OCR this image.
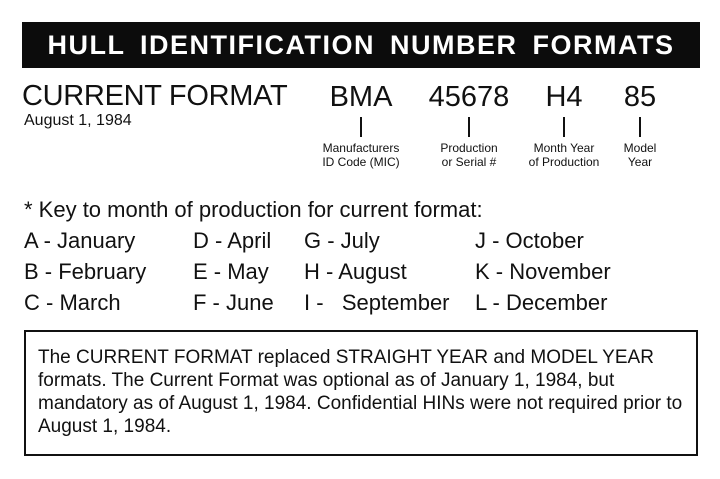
HULL IDENTIFICATION NUMBER FORMATS
CURRENT FORMAT
August 1, 1984
BMA
Manufacturers
ID Code (MIC)
45678
Production
or Serial #
H4
Month Year
of Production
85
Model
Year
* Key to month of production for current format:
A - January
B - February
C - March
D - April
E - May
F - June
G - July
H - August
I -   September
J - October
K - November
L - December
The CURRENT FORMAT replaced STRAIGHT YEAR and MODEL YEAR formats. The Current Format was optional as of January 1, 1984, but mandatory as of August 1, 1984. Confidential HINs were not required prior to August 1, 1984.
